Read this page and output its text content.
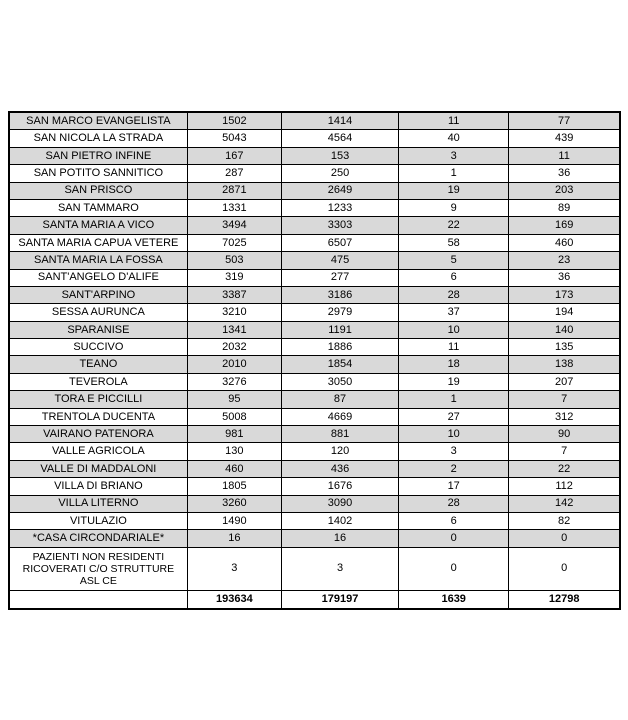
SAN MARCO EVANGELISTA	1502	1414	11	77
SAN NICOLA LA STRADA	5043	4564	40	439
SAN PIETRO INFINE	167	153	3	11
SAN POTITO SANNITICO	287	250	1	36
SAN PRISCO	2871	2649	19	203
SAN TAMMARO	1331	1233	9	89
SANTA MARIA A VICO	3494	3303	22	169
SANTA MARIA CAPUA VETERE	7025	6507	58	460
SANTA MARIA LA FOSSA	503	475	5	23
SANT'ANGELO D'ALIFE	319	277	6	36
SANT'ARPINO	3387	3186	28	173
SESSA AURUNCA	3210	2979	37	194
SPARANISE	1341	1191	10	140
SUCCIVO	2032	1886	11	135
TEANO	2010	1854	18	138
TEVEROLA	3276	3050	19	207
TORA E PICCILLI	95	87	1	7
TRENTOLA DUCENTA	5008	4669	27	312
VAIRANO PATENORA	981	881	10	90
VALLE AGRICOLA	130	120	3	7
VALLE DI MADDALONI	460	436	2	22
VILLA DI BRIANO	1805	1676	17	112
VILLA LITERNO	3260	3090	28	142
VITULAZIO	1490	1402	6	82
*CASA CIRCONDARIALE*	16	16	0	0
PAZIENTI NON RESIDENTI RICOVERATI C/O STRUTTURE ASL CE	3	3	0	0
	193634	179197	1639	12798
